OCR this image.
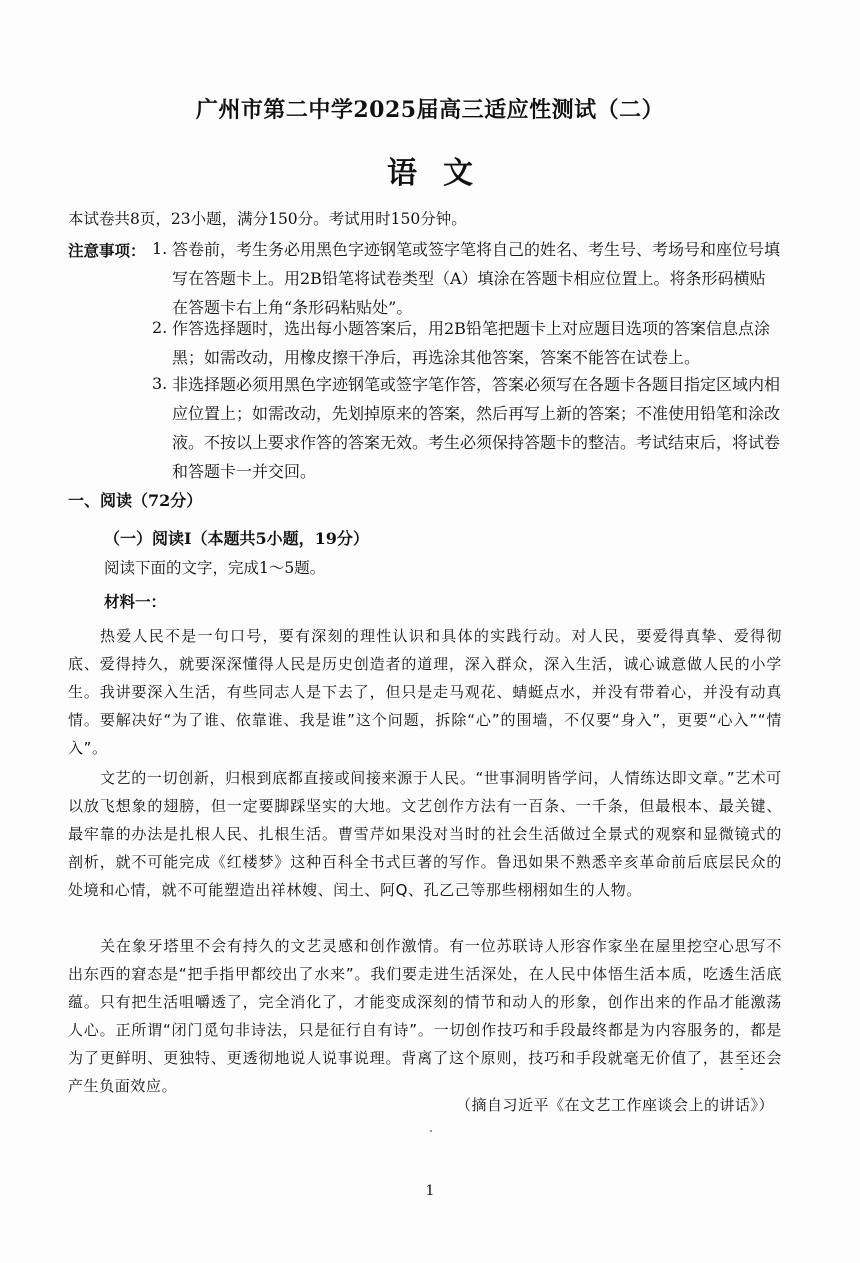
广州市第二中学2025届高三适应性测试（二）
语文
本试卷共8页，23小题，满分150分。考试用时150分钟。
注意事项： 1. 答卷前，考生务必用黑色字迹钢笔或签字笔将自己的姓名、考生号、考场号和座位号填写在答题卡上。用2B铅笔将试卷类型（A）填涂在答题卡相应位置上。将条形码横贴在答题卡右上角“条形码粘贴处”。
2. 作答选择题时，选出每小题答案后，用2B铅笔把题卡上对应题目选项的答案信息点涂黑；如需改动，用橡皮擦干净后，再选涂其他答案，答案不能答在试卷上。
3. 非选择题必须用黑色字迹钢笔或签字笔作答，答案必须写在各题卡各题目指定区域内相应位置上；如需改动，先划掉原来的答案，然后再写上新的答案；不准使用铅笔和涂改液。不按以上要求作答的答案无效。考生必须保持答题卡的整洁。考试结束后，将试卷和答题卡一并交回。
一、阅读（72分）
（一）阅读Ⅰ（本题共5小题，19分）
阅读下面的文字，完成1～5题。
材料一：
热爱人民不是一句口号，要有深刻的理性认识和具体的实践行动。对人民，要爱得真挚、爱得彻底、爱得持久，就要深深懂得人民是历史创造者的道理，深入群众，深入生活，诚心诚意做人民的小学生。我讲要深入生活，有些同志人是下去了，但只是走马观花、蜻蜓点水，并没有带着心，并没有动真情。要解决好“为了谁、依靠谁、我是谁”这个问题，拆除“心”的围墙，不仅要“身入”，更要“心入”“情入”。
文艺的一切创新，归根到底都直接或间接来源于人民。“世事洞明皆学问，人情练达即文章。”艺术可以放飞想象的翅膀，但一定要脚踩坚实的大地。文艺创作方法有一百条、一千条，但最根本、最关键、最牢靠的办法是扎根人民、扎根生活。曹雪芹如果没对当时的社会生活做过全景式的观察和显微镜式的剖析，就不可能完成《红楼梦》这种百科全书式巨著的写作。鲁迅如果不熟悉辛亥革命前后底层民众的处境和心情，就不可能塑造出祥林嫂、闰土、阿Q、孔乙己等那些栩栩如生的人物。
关在象牙塔里不会有持久的文艺灵感和创作激情。有一位苏联诗人形容作家坐在屋里挖空心思写不出东西的窘态是“把手指甲都绞出了水来”。我们要走进生活深处，在人民中体悟生活本质，吃透生活底蕴。只有把生活咀嚼透了，完全消化了，才能变成深刻的情节和动人的形象，创作出来的作品才能激荡人心。正所谓“闭门觅句非诗法，只是征行自有诗”。一切创作技巧和手段最终都是为内容服务的，都是为了更鲜明、更独特、更透彻地说人说事说理。背离了这个原则，技巧和手段就毫无价值了，甚至还会产生负面效应。
（摘自习近平《在文艺工作座谈会上的讲话》）
1
